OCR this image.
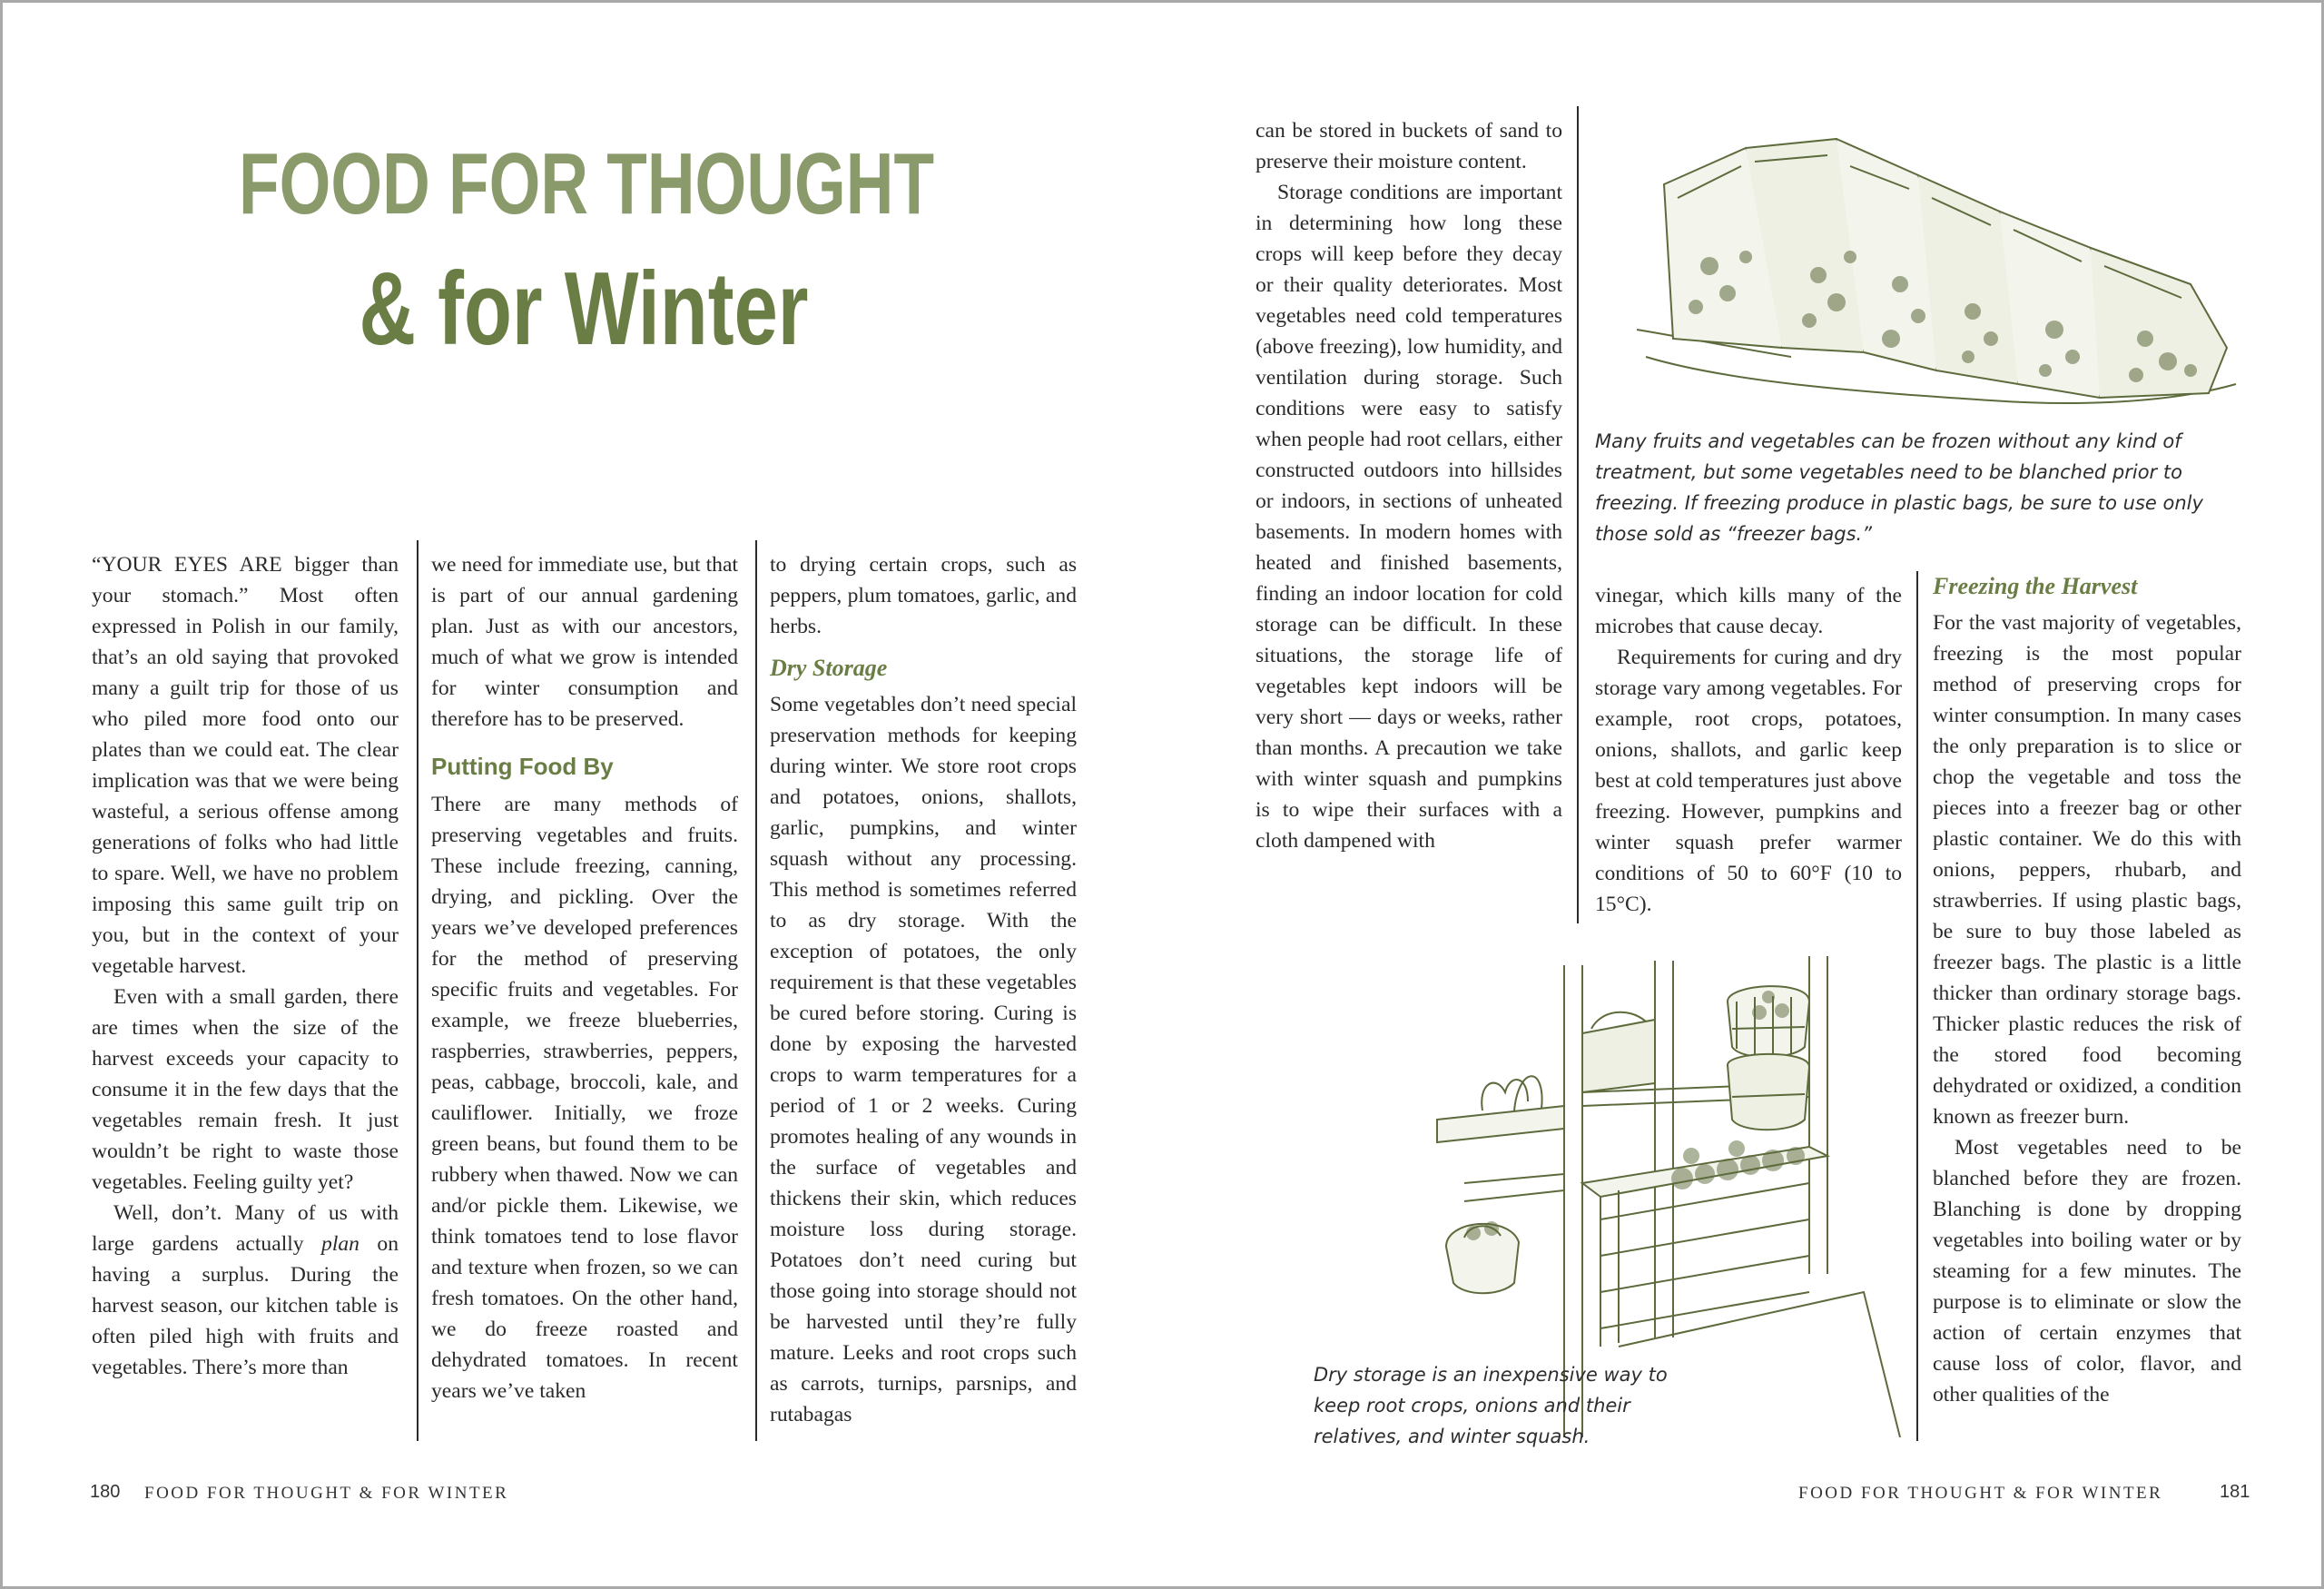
FOOD FOR THOUGHT
& for Winter

“YOUR EYES ARE bigger than your stomach.” Most often expressed in Polish in our family, that’s an old saying that provoked many a guilt trip for those of us who piled more food onto our plates than we could eat. The clear implication was that we were being wasteful, a serious offense among generations of folks who had little to spare. Well, we have no problem imposing this same guilt trip on you, but in the context of your vegetable harvest.

Even with a small garden, there are times when the size of the harvest exceeds your capacity to consume it in the few days that the vegetables remain fresh. It just wouldn’t be right to waste those vegetables. Feeling guilty yet?

Well, don’t. Many of us with large gardens actually plan on having a surplus. During the harvest season, our kitchen table is often piled high with fruits and vegetables. There’s more than

we need for immediate use, but that is part of our annual gardening plan. Just as with our ancestors, much of what we grow is intended for winter consumption and therefore has to be preserved.

Putting Food By

There are many methods of preserving vegetables and fruits. These include freezing, canning, drying, and pickling. Over the years we’ve developed preferences for the method of preserving specific fruits and vegetables. For example, we freeze blueberries, raspberries, strawberries, peppers, peas, cabbage, broccoli, kale, and cauliflower. Initially, we froze green beans, but found them to be rubbery when thawed. Now we can and/or pickle them. Likewise, we think tomatoes tend to lose flavor and texture when frozen, so we can fresh tomatoes. On the other hand, we do freeze roasted and dehydrated tomatoes. In recent years we’ve taken

to drying certain crops, such as peppers, plum tomatoes, garlic, and herbs.

Dry Storage

Some vegetables don’t need special preservation methods for keeping during winter. We store root crops and potatoes, onions, shallots, garlic, pumpkins, and winter squash without any processing. This method is sometimes referred to as dry storage. With the exception of potatoes, the only requirement is that these vegetables be cured before storing. Curing is done by exposing the harvested crops to warm temperatures for a period of 1 or 2 weeks. Curing promotes healing of any wounds in the surface of vegetables and thickens their skin, which reduces moisture loss during storage. Potatoes don’t need curing but those going into storage should not be harvested until they’re fully mature. Leeks and root crops such as carrots, turnips, parsnips, and rutabagas

can be stored in buckets of sand to preserve their moisture content.

Storage conditions are important in determining how long these crops will keep before they decay or their quality deteriorates. Most vegetables need cold temperatures (above freezing), low humidity, and ventilation during storage. Such conditions were easy to satisfy when people had root cellars, either constructed outdoors into hillsides or indoors, in sections of unheated basements. In modern homes with heated and finished basements, finding an indoor location for cold storage can be difficult. In these situations, the storage life of vegetables kept indoors will be very short — days or weeks, rather than months. A precaution we take with winter squash and pumpkins is to wipe their surfaces with a cloth dampened with

vinegar, which kills many of the microbes that cause decay.

Requirements for curing and dry storage vary among vegetables. For example, root crops, potatoes, onions, shallots, and garlic keep best at cold temperatures just above freezing. However, pumpkins and winter squash prefer warmer conditions of 50 to 60°F (10 to 15°C).

Freezing the Harvest

For the vast majority of vegetables, freezing is the most popular method of preserving crops for winter consumption. In many cases the only preparation is to slice or chop the vegetable and toss the pieces into a freezer bag or other plastic container. We do this with onions, peppers, rhubarb, and strawberries. If using plastic bags, be sure to buy those labeled as freezer bags. The plastic is a little thicker than ordinary storage bags. Thicker plastic reduces the risk of the stored food becoming dehydrated or oxidized, a condition known as freezer burn.

Most vegetables need to be blanched before they are frozen. Blanching is done by dropping vegetables into boiling water or by steaming for a few minutes. The purpose is to eliminate or slow the action of certain enzymes that cause loss of color, flavor, and other qualities of the

Many fruits and vegetables can be frozen without any kind of treatment, but some vegetables need to be blanched prior to freezing. If freezing produce in plastic bags, be sure to use only those sold as “freezer bags.”

Dry storage is an inexpensive way to keep root crops, onions and their relatives, and winter squash.

180 FOOD FOR THOUGHT & FOR WINTER	FOOD FOR THOUGHT & FOR WINTER	181
